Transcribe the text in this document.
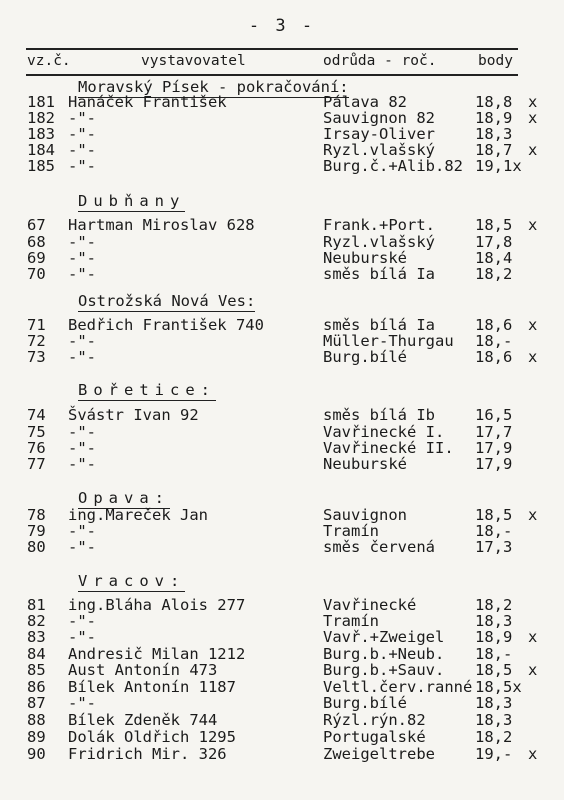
- 3 -
vz.č.	vystavovatel	odrůda - roč.	body
Moravský Písek - pokračování:
181 Hanáček František	Pálava 82	18,8 x
182 -"-	Sauvignon 82	18,9 x
183 -"-	Irsay-Oliver	18,3
184 -"-	Ryzl.vlašský	18,7 x
185 -"-	Burg.č.+Alib.82 19,1x
Dubňany
67 Hartman Miroslav 628	Frank.+Port.	18,5 x
68 -"-	Ryzl.vlašský	17,8
69 -"-	Neuburské	18,4
70 -"-	směs bílá Ia	18,2
Ostrožská Nová Ves:
71 Bedřich František 740	směs bílá Ia	18,6 x
72 -"-	Müller-Thurgau 18,-
73 -"-	Burg.bílé	18,6 x
Bořetice:
74 Švástr Ivan 92	směs bílá Ib	16,5
75 -"-	Vavřinecké I. 17,7
76 -"-	Vavřinecké II. 17,9
77 -"-	Neuburské	17,9
Opava:
78 ing.Mareček Jan	Sauvignon	18,5 x
79 -"-	Tramín	18,-
80 -"-	směs červená	17,3
Vracov:
81 ing.Bláha Alois 277	Vavřinecké	18,2
82 -"-	Tramín	18,3
83 -"-	Vavř.+Zweigel 18,9 x
84 Andresič Milan 1212	Burg.b.+Neub. 18,-
85 Aust Antonín 473	Burg.b.+Sauv. 18,5 x
86 Bílek Antonín 1187	Veltl.červ.ranné 18,5x
87 -"-	Burg.bílé	18,3
88 Bílek Zdeněk 744	Rýzl.rýn.82	18,3
89 Dolák Oldřich 1295	Portugalské	18,2
90 Fridrich Mir. 326	Zweigeltrebe	19,- x
